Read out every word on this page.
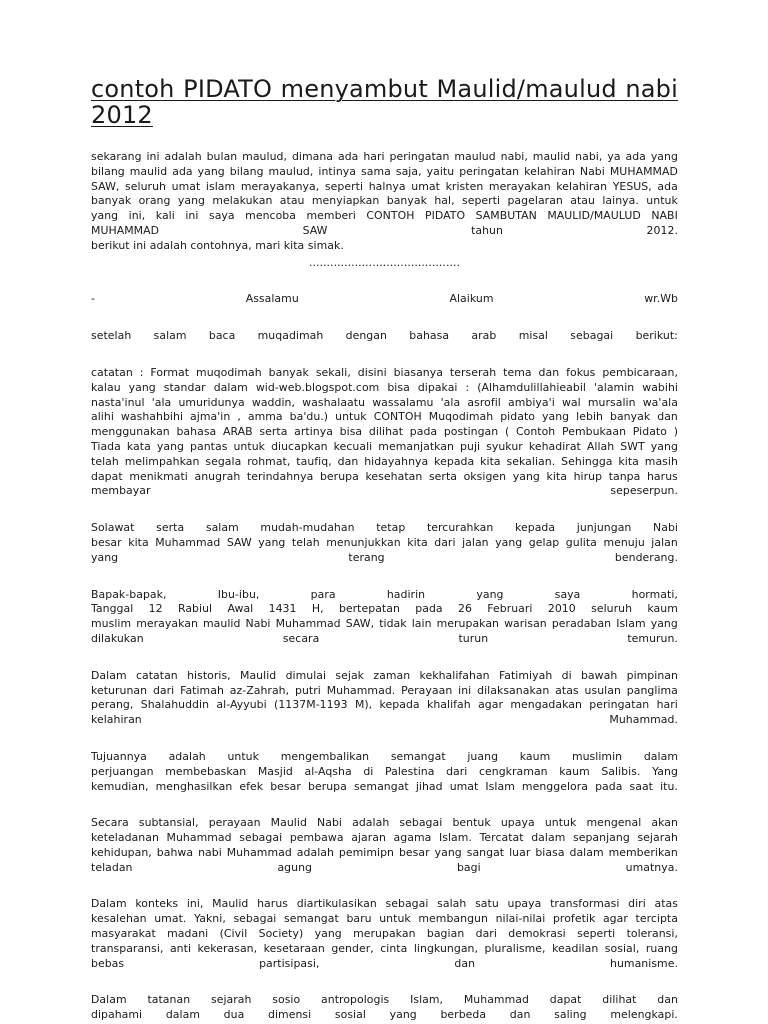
contoh PIDATO menyambut Maulid/maulud nabi 2012
sekarang ini adalah bulan maulud, dimana ada hari peringatan maulud nabi, maulid nabi, ya ada yang
bilang maulid ada yang bilang maulud, intinya sama saja, yaitu peringatan kelahiran Nabi MUHAMMAD
SAW, seluruh umat islam merayakanya, seperti halnya umat kristen merayakan kelahiran YESUS, ada
banyak orang yang melakukan atau menyiapkan banyak hal, seperti pagelaran atau lainya. untuk
yang ini, kali ini saya mencoba memberi CONTOH PIDATO SAMBUTAN MAULID/MAULUD NABI
MUHAMMAD	SAW	tahun	2012.
berikut ini adalah contohnya, mari kita simak.
...........................................
-	Assalamu	Alaikum	wr.Wb
setelah salam baca muqadimah dengan bahasa arab misal sebagai berikut:
catatan : Format muqodimah banyak sekali, disini biasanya terserah tema dan fokus pembicaraan,
kalau yang standar dalam wid-web.blogspot.com bisa dipakai : (Alhamdulillahieabil 'alamin wabihi
nasta'inul 'ala umuridunya waddin, washalaatu wassalamu 'ala asrofil ambiya'i wal mursalin wa'ala
alihi washahbihi ajma'in , amma ba'du.) untuk CONTOH Muqodimah pidato yang lebih banyak dan
menggunakan bahasa ARAB serta artinya bisa dilihat pada postingan ( Contoh Pembukaan Pidato )
Tiada kata yang pantas untuk diucapkan kecuali memanjatkan puji syukur kehadirat Allah SWT yang
telah melimpahkan segala rohmat, taufiq, dan hidayahnya kepada kita sekalian. Sehingga kita masih
dapat menikmati anugrah terindahnya berupa kesehatan serta oksigen yang kita hirup tanpa harus
membayar	sepeserpun.
Solawat serta salam mudah-mudahan tetap tercurahkan kepada junjungan Nabi
besar kita Muhammad SAW yang telah menunjukkan kita dari jalan yang gelap gulita menuju jalan
yang	terang	benderang.
Bapak-bapak,	Ibu-ibu,	para	hadirin	yang	saya	hormati,
Tanggal 12 Rabiul Awal 1431 H, bertepatan pada 26 Februari 2010 seluruh kaum
muslim merayakan maulid Nabi Muhammad SAW, tidak lain merupakan warisan peradaban Islam yang
dilakukan	secara	turun	temurun.
Dalam catatan historis, Maulid dimulai sejak zaman kekhalifahan Fatimiyah di bawah pimpinan
keturunan dari Fatimah az-Zahrah, putri Muhammad. Perayaan ini dilaksanakan atas usulan panglima
perang, Shalahuddin al-Ayyubi (1137M-1193 M), kepada khalifah agar mengadakan peringatan hari
kelahiran	Muhammad.
Tujuannya adalah untuk mengembalikan semangat juang kaum muslimin dalam
perjuangan membebaskan Masjid al-Aqsha di Palestina dari cengkraman kaum Salibis. Yang
kemudian, menghasilkan efek besar berupa semangat jihad umat Islam menggelora pada saat itu.
Secara subtansial, perayaan Maulid Nabi adalah sebagai bentuk upaya untuk mengenal akan
keteladanan Muhammad sebagai pembawa ajaran agama Islam. Tercatat dalam sepanjang sejarah
kehidupan, bahwa nabi Muhammad adalah pemimipn besar yang sangat luar biasa dalam memberikan
teladan	agung	bagi	umatnya.
Dalam konteks ini, Maulid harus diartikulasikan sebagai salah satu upaya transformasi diri atas
kesalehan umat. Yakni, sebagai semangat baru untuk membangun nilai-nilai profetik agar tercipta
masyarakat madani (Civil Society) yang merupakan bagian dari demokrasi seperti toleransi,
transparansi, anti kekerasan, kesetaraan gender, cinta lingkungan, pluralisme, keadilan sosial, ruang
bebas	partisipasi,	dan	humanisme.
Dalam tatanan sejarah sosio antropologis Islam, Muhammad dapat dilihat dan
dipahami dalam dua dimensi sosial yang berbeda dan saling melengkapi.
